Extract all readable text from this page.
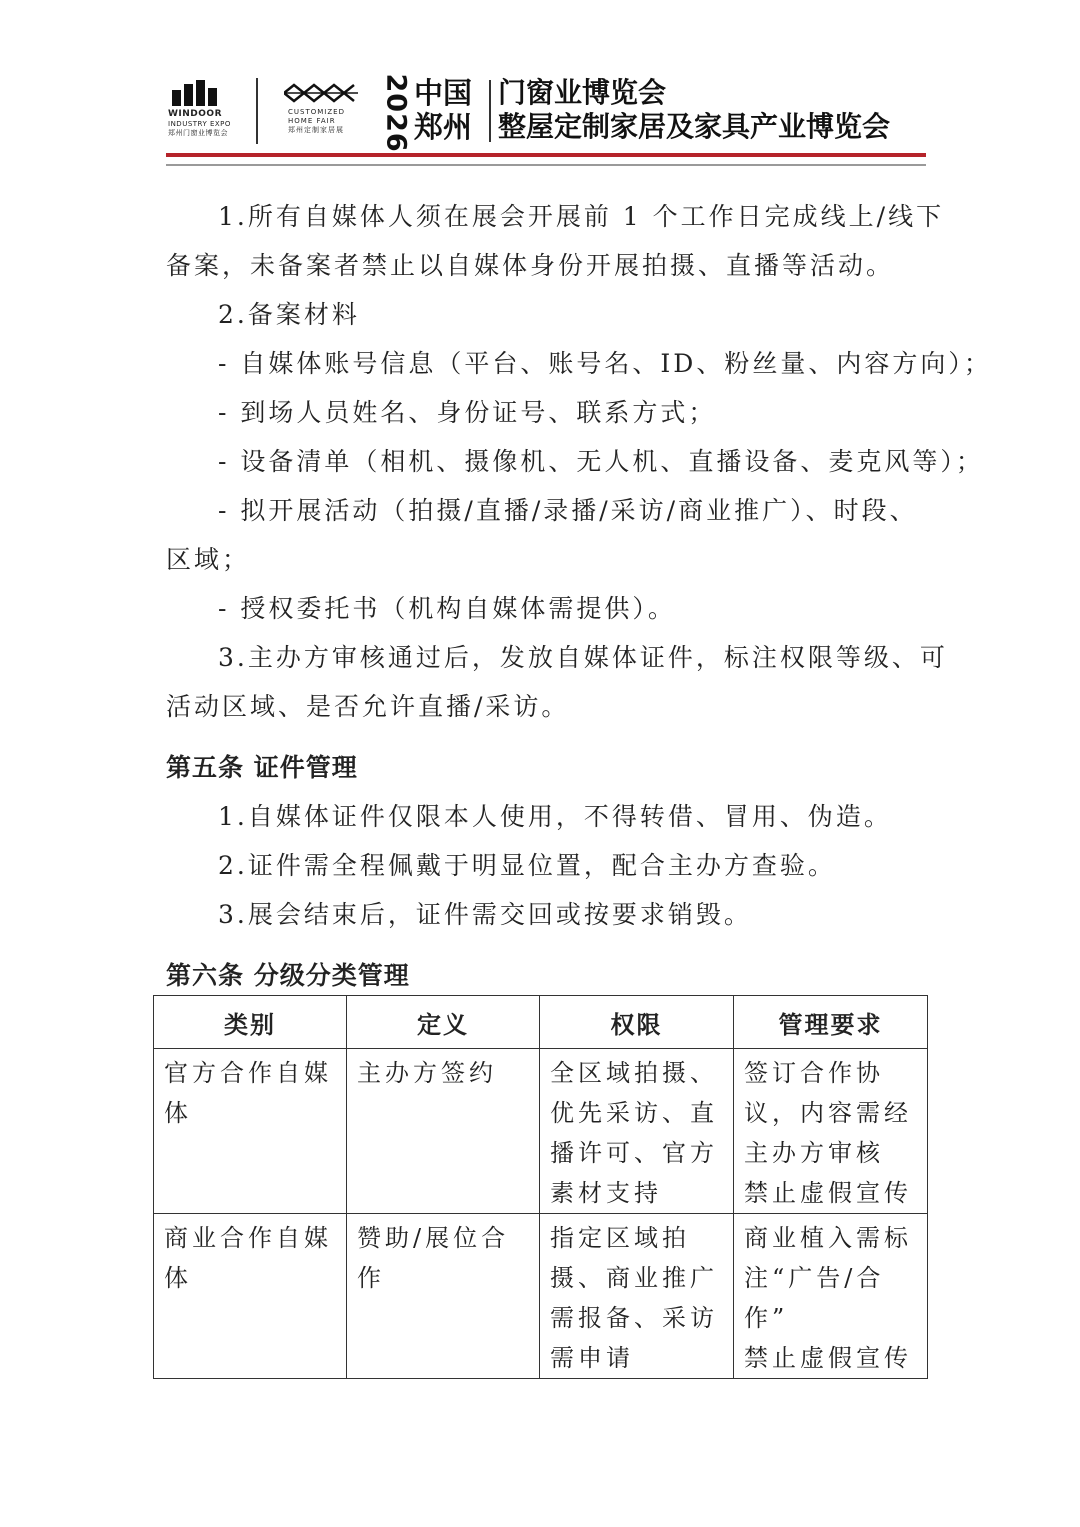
WINDOOR
INDUSTRY EXPO
郑州门窗业博览会
CUSTOMIZED
HOME FAIR
郑州定制家居展 2026 中国
郑州
门窗业博览会
整屋定制家居及家具产业博览会

1.所有自媒体人须在展会开展前 1 个工作日完成线上/线下

备案，未备案者禁止以自媒体身份开展拍摄、直播等活动。

2.备案材料

- 自媒体账号信息（平台、账号名、ID、粉丝量、内容方向）；

- 到场人员姓名、身份证号、联系方式；

- 设备清单（相机、摄像机、无人机、直播设备、麦克风等）；

- 拟开展活动（拍摄/直播/录播/采访/商业推广）、时段、

区域；

- 授权委托书（机构自媒体需提供）。

3.主办方审核通过后，发放自媒体证件，标注权限等级、可

活动区域、是否允许直播/采访。

第五条 证件管理

1.自媒体证件仅限本人使用，不得转借、冒用、伪造。

2.证件需全程佩戴于明显位置，配合主办方查验。

3.展会结束后，证件需交回或按要求销毁。

第六条 分级分类管理

类别	定义	权限	管理要求
官方合作自媒体	主办方签约	全区域拍摄、优先采访、直播许可、官方素材支持	签订合作协议，内容需经主办方审核
禁止虚假宣传
商业合作自媒体	赞助/展位合作	指定区域拍摄、商业推广需报备、采访需申请	商业植入需标注“广告/合作”
禁止虚假宣传
